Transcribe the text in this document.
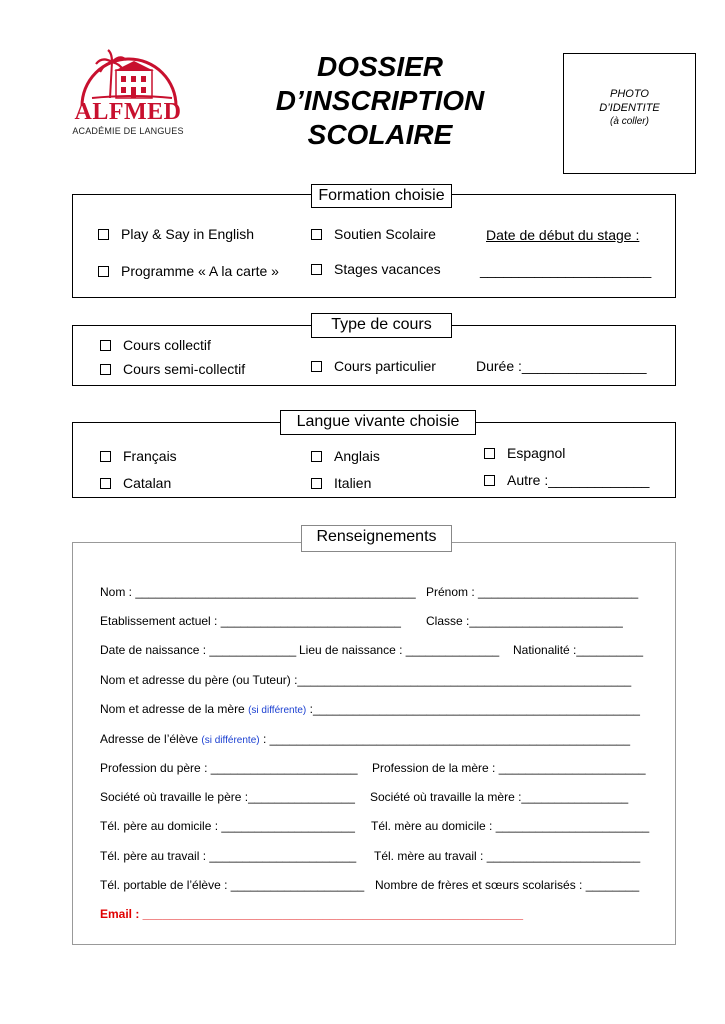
ALFMED
ACADÉMIE DE LANGUES
DOSSIER
D’INSCRIPTION
SCOLAIRE
PHOTO
D’IDENTITE
(à coller)
Formation choisie
Play & Say in English	Soutien Scolaire	Date de début du stage :
Programme « A la carte »	Stages vacances	______________________
Type de cours
Cours collectif
Cours semi-collectif	Cours particulier	Durée :________________
Langue vivante choisie
Français	Anglais	Espagnol
Catalan	Italien	Autre :_____________
Renseignements
Nom : __________________________________________ Prénom : ________________________
Etablissement actuel : ___________________________ Classe :_______________________
Date de naissance : _____________ Lieu de naissance : ______________ Nationalité :__________
Nom et adresse du père (ou Tuteur) :__________________________________________________
Nom et adresse de la mère (si différente) :_________________________________________________
Adresse de l’élève (si différente) : ______________________________________________________
Profession du père : ______________________ Profession de la mère : ______________________
Société où travaille le père :________________ Société où travaille la mère :________________
Tél. père au domicile : ____________________ Tél. mère au domicile : _______________________
Tél. père au travail : ______________________ Tél. mère au travail : _______________________
Tél. portable de l’élève : ____________________ Nombre de frères et sœurs scolarisés : ________
Email : _________________________________________________________
